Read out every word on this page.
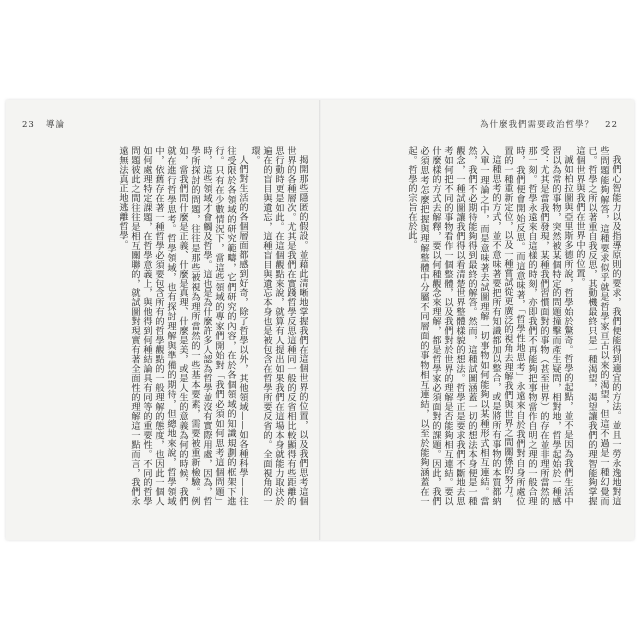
23 導論	為什麼我們需要政治哲學？ 22

我們心智能力以及指導原則的要求，我們便能得到適宜的方法。並且一勞永逸地對這些問題能夠解答，這種要求似乎就是哲學家亘古以來的渴望，但這不過是一種幻覺而已。哲學之所以著重自我反思，其動機最終只是一種渴望，渴望讓我們的理智能夠掌握這個世界與我們在世界中的位置。

誠如柏拉圖與亞里斯多德所說，哲學始於驚奇。哲學的起點，並不是因為我們生活中習以為常的事物，突然被某個特定的問題撞擊而產生疑問，相對地，哲學起始於一種感受：尤其是當我們發現，某種我們習慣面對的事物（甚至世界）的存在並非理所當然的那一刻。哲學永遠來自這樣的時刻，亦即我們不再能夠把事物當作自明之理的一般合理時，我們便會開始反思。而這意味著，「哲學性地思考」永遠來自於我們對自身所處位置的一種重新定位，以及一種嘗試從更廣泛的視角去理解我們與世界之間關係的努力。

這種思考的方式，並不意味著要把所有知識都加以整合，或是將所有事物的本質都納入單一理論之中，而是意味著去試圖理解一切事物如何能夠以某種形式相互連結。當然，我們不必期待能夠得到最終的解答。然而，這種試圖涵蓋一切的想法本身便是一種觀念，一種試圖讓我們得以看清楚世界整體樣貌的想法。哲學正是要求我們不斷地去思考如何把不同的事物看作一個整體，以及我們對於世界的理解是否能夠相互連結。要以什麼樣的方式去解釋，要以何種觀念來理解，都是哲學家必須面對的課題。因此，我們必須思考怎麼把握與理解整體中分屬不同層面的事物相互連結，以至於能夠涵蓋在一起。哲學的宗旨在於此。

揭開那些隱匿的假設。並藉此清晰地掌握我們在這個世界的位置，以及我們思考這個世界的各種層次。尤其是我們在實踐哲學反思這種同一般的反省相比較顯得有些距離的思行動時更是如此。在這個觀點來說，就算有人提出如果我們在這場本身就能力取決於遍在的盲目與遺忘，這種盲目與遺忘本身也是被包含在哲學所要反省的。全面視角的一環。

人們對生活的各個層面都感到好奇，除了哲學以外，其他領域——如各種科學——往往受限於各領域的研究範疇，它們研究的內容，在於各個領域的知識規劃的框架下進行。只有在少數情況下，當這些領域的專家們開始對「我們必須如何思考這個問題」時，這些領域才會觸及哲學。這也是為什麼許多人認為哲學並沒有實際用處，因為，哲學所探討的問題，往往是那些被視為理所當然的一些基本要素，需要被重新檢驗。例如，當我們問什麼是正義、什麼是真理、什麼是美，或是人生的意義為何的時候，我們就在進行哲學思考。哲學領域，也有探討理解與準備的期待，但總地來說，哲學領域中，依舊存在著一種哲學必須要包含所有的哲學觀點的一般理解的態度，也因此一個人如何處理特定課題，在哲學意義上，與他得到何種結論具有同等的重要性。不同的哲學問題彼此之間往往是相互關聯的，就試圖對現實有著全面性的理解這一點而言，我們永遠無法真正地逃離哲學。
